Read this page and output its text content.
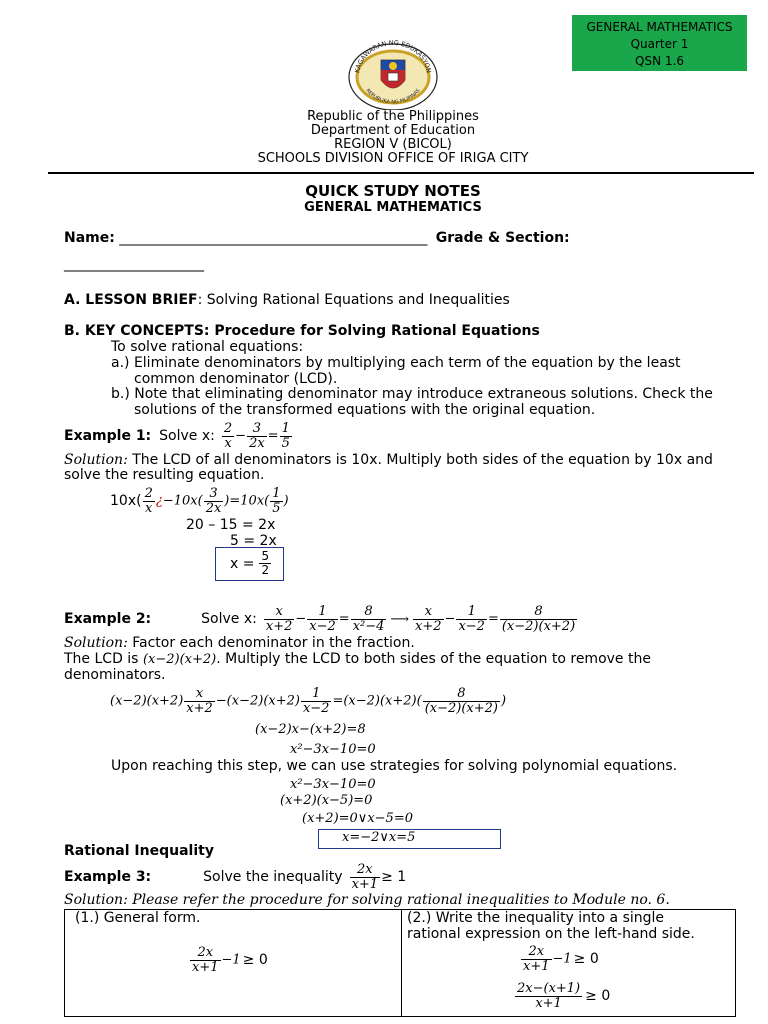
GENERAL MATHEMATICS
Quarter 1
QSN 1.6
KAGAWARAN NG EDUKASYON
REPUBLIKA NG PILIPINAS
Republic of the Philippines
Department of Education
REGION V (BICOL)
SCHOOLS DIVISION OFFICE OF IRIGA CITY
QUICK STUDY NOTES
GENERAL MATHEMATICS
Name: ____________________________________________ Grade & Section:
____________________
A. LESSON BRIEF: Solving Rational Equations and Inequalities
B. KEY CONCEPTS: Procedure for Solving Rational Equations
To solve rational equations:
a.) Eliminate denominators by multiplying each term of the equation by the least
common denominator (LCD).
b.) Note that eliminating denominator may introduce extraneous solutions. Check the
solutions of the transformed equations with the original equation.
Example 1: Solve x: $\frac{2}{x} - \frac{3}{2x} = \frac{1}{5}$
Solution: The LCD of all denominators is 10x. Multiply both sides of the equation by 10x and
solve the resulting equation.
$10x( \frac{2}{x}$ ¿$-10x( \frac{3}{2x} )=10x( \frac{1}{5}$ )
20 – 15 = 2x
5 = 2x
$x = \frac{5}{2}$
Example 2:	Solve x: $\frac{x}{x+2} - \frac{1}{x-2} = \frac{8}{\text{x²−4}}$ ⟶ $\frac{x}{x+2} - \frac{1}{x-2} = \frac{8}{(x-2)(x+2)}$
Solution: Factor each denominator in the fraction.
The LCD is (x−2)(x+2). Multiply the LCD to both sides of the equation to remove the
denominators.
$(x-2)(x+2) \frac{x}{x+2} -(x-2)(x+2) \frac{1}{x-2} =(x-2)(x+2)( \frac{8}{(x-2)(x+2)}$ )
(x−2)x−(x+2)=8
x²−3x−10=0
Upon reaching this step, we can use strategies for solving polynomial equations.
x²−3x−10=0
(x+2)(x−5)=0
(x+2)=0∨x−5=0
x=−2∨x=5
Rational Inequality
Example 3:	Solve the inequality $\frac{2x}{x+1} \ge 1$
Solution: Please refer the procedure for solving rational inequalities to Module no. 6.
(1.) General form.
$\frac{2x}{x+1} -1 \ge 0$

(2.) Write the inequality into a single
rational expression on the left-hand side.
$\frac{2x}{x+1} -1 \ge 0$
$\frac{2x-(x+1)}{x+1} \ge 0$
